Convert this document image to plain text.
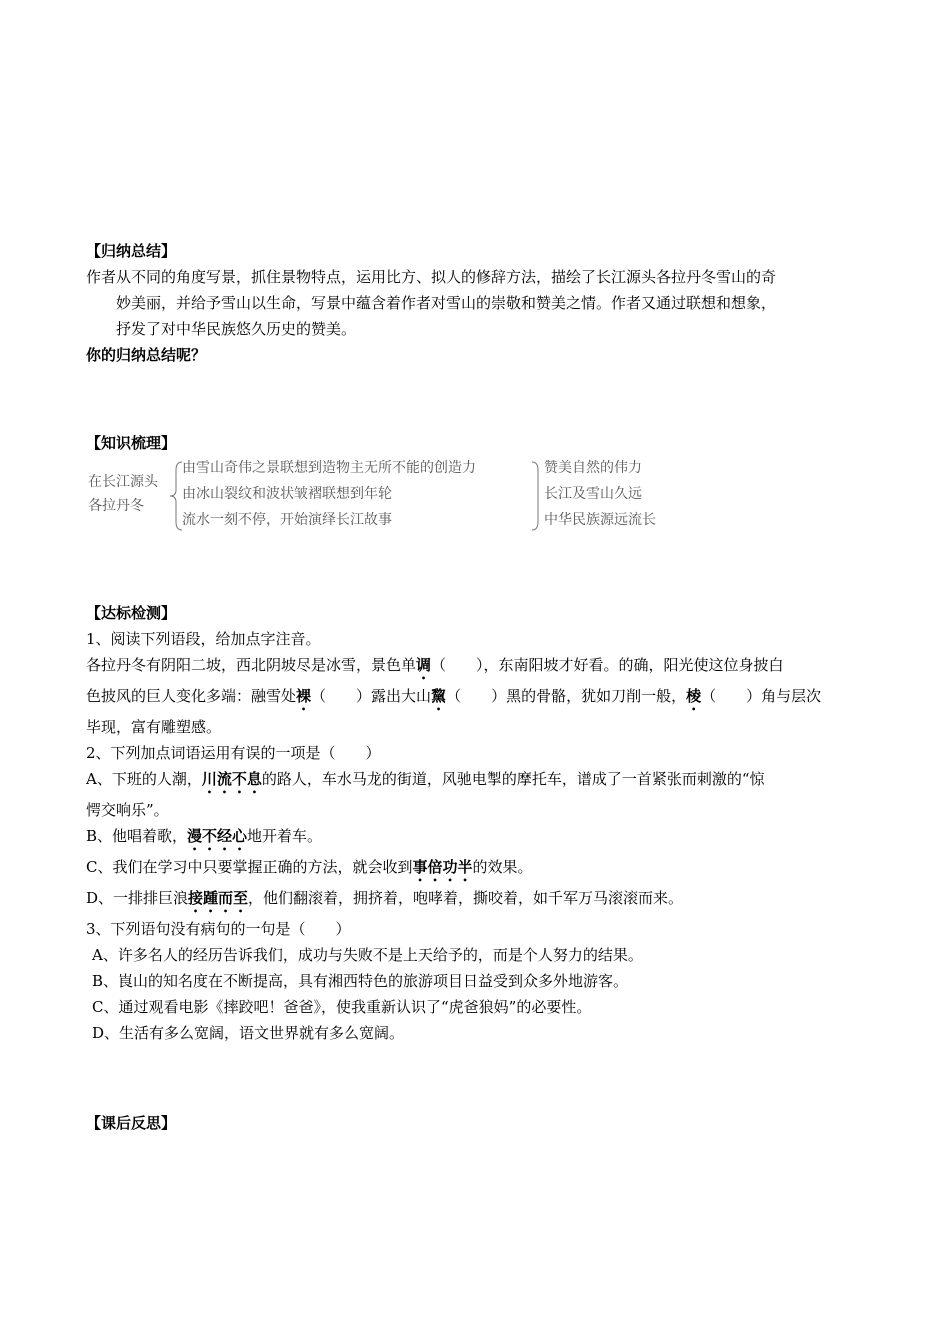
【归纳总结】
作者从不同的角度写景，抓住景物特点，运用比方、拟人的修辞方法，描绘了长江源头各拉丹冬雪山的奇
妙美丽，并给予雪山以生命，写景中蕴含着作者对雪山的崇敬和赞美之情。作者又通过联想和想象，
抒发了对中华民族悠久历史的赞美。
你的归纳总结呢？
【知识梳理】
在长江源头
各拉丹冬
由雪山奇伟之景联想到造物主无所不能的创造力
由冰山裂纹和波状皱褶联想到年轮
流水一刻不停，开始演绎长江故事
赞美自然的伟力
长江及雪山久远
中华民族源远流长
【达标检测】
1、阅读下列语段，给加点字注音。
各拉丹冬有阴阳二坡，西北阴坡尽是冰雪，景色单调（　　），东南阳坡才好看。的确，阳光使这位身披白
色披风的巨人变化多端：融雪处裸（　　）露出大山黧（　　）黑的骨骼，犹如刀削一般，棱（　　）角与层次
毕现，富有雕塑感。
2、下列加点词语运用有误的一项是（　　）
A、下班的人潮，川流不息的路人，车水马龙的街道，风驰电掣的摩托车，谱成了一首紧张而刺激的“惊
愕交响乐”。
B、他唱着歌，漫不经心地开着车。
C、我们在学习中只要掌握正确的方法，就会收到事倍功半的效果。
D、一排排巨浪接踵而至，他们翻滚着，拥挤着，咆哮着，撕咬着，如千军万马滚滚而来。
3、下列语句没有病句的一句是（　　）
A、许多名人的经历告诉我们，成功与失败不是上天给予的，而是个人努力的结果。
B、崀山的知名度在不断提高，具有湘西特色的旅游项目日益受到众多外地游客。
C、通过观看电影《摔跤吧！爸爸》，使我重新认识了“虎爸狼妈”的必要性。
D、生活有多么宽阔，语文世界就有多么宽阔。
【课后反思】
